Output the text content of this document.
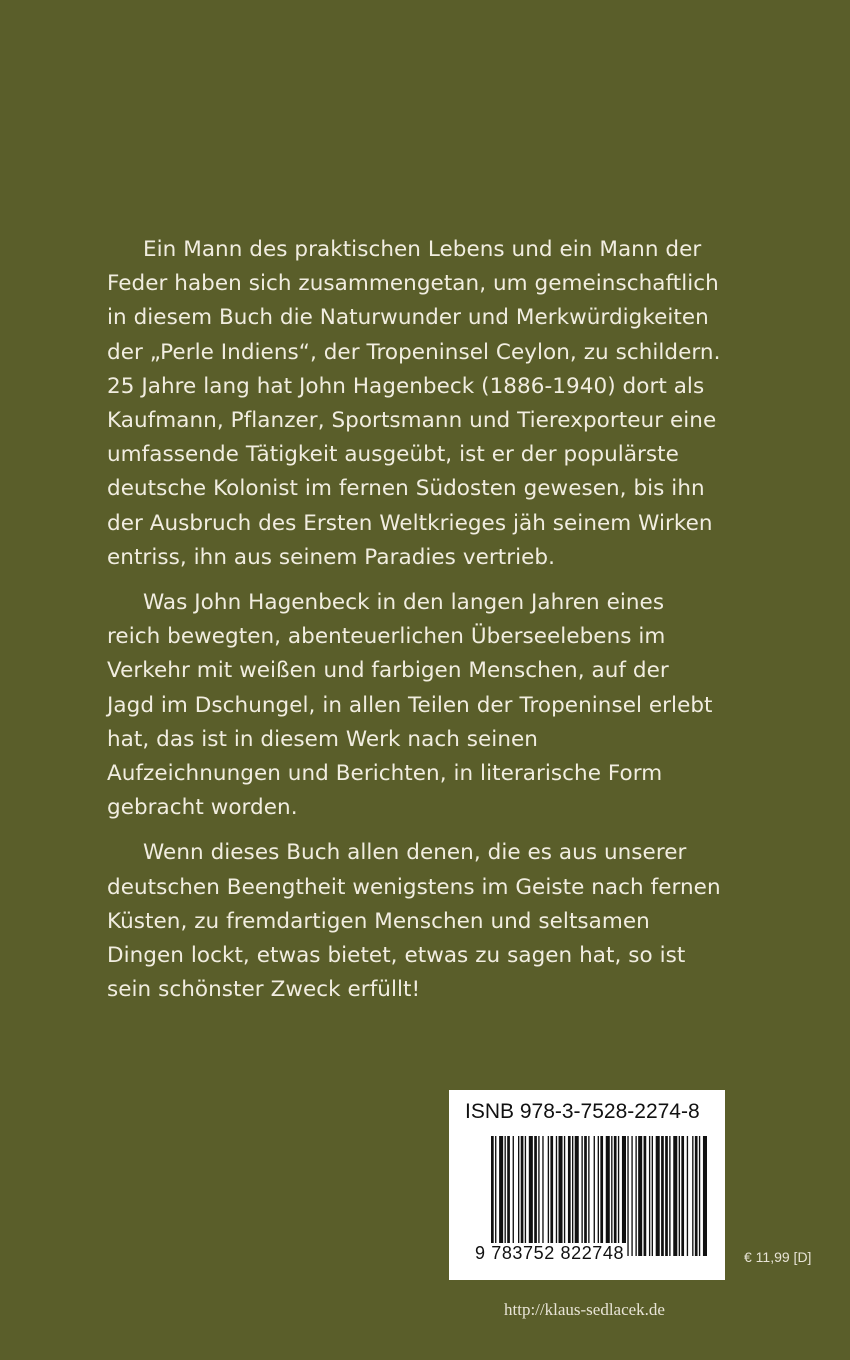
Ein Mann des praktischen Lebens und ein Mann der
Feder haben sich zusammengetan, um gemeinschaftlich
in diesem Buch die Naturwunder und Merkwürdigkeiten
der „Perle Indiens“, der Tropeninsel Ceylon, zu schildern.
25 Jahre lang hat John Hagenbeck (1886-1940) dort als
Kaufmann, Pflanzer, Sportsmann und Tierexporteur eine
umfassende Tätigkeit ausgeübt, ist er der populärste
deutsche Kolonist im fernen Südosten gewesen, bis ihn
der Ausbruch des Ersten Weltkrieges jäh seinem Wirken
entriss, ihn aus seinem Paradies vertrieb.

Was John Hagenbeck in den langen Jahren eines
reich bewegten, abenteuerlichen Überseelebens im
Verkehr mit weißen und farbigen Menschen, auf der
Jagd im Dschungel, in allen Teilen der Tropeninsel erlebt
hat, das ist in diesem Werk nach seinen
Aufzeichnungen und Berichten, in literarische Form
gebracht worden.

Wenn dieses Buch allen denen, die es aus unserer
deutschen Beengtheit wenigstens im Geiste nach fernen
Küsten, zu fremdartigen Menschen und seltsamen
Dingen lockt, etwas bietet, etwas zu sagen hat, so ist
sein schönster Zweck erfüllt!

ISNB 978-3-7528-2274-8
9 783752 822748	€ 11,99 [D]
http://klaus-sedlacek.de
